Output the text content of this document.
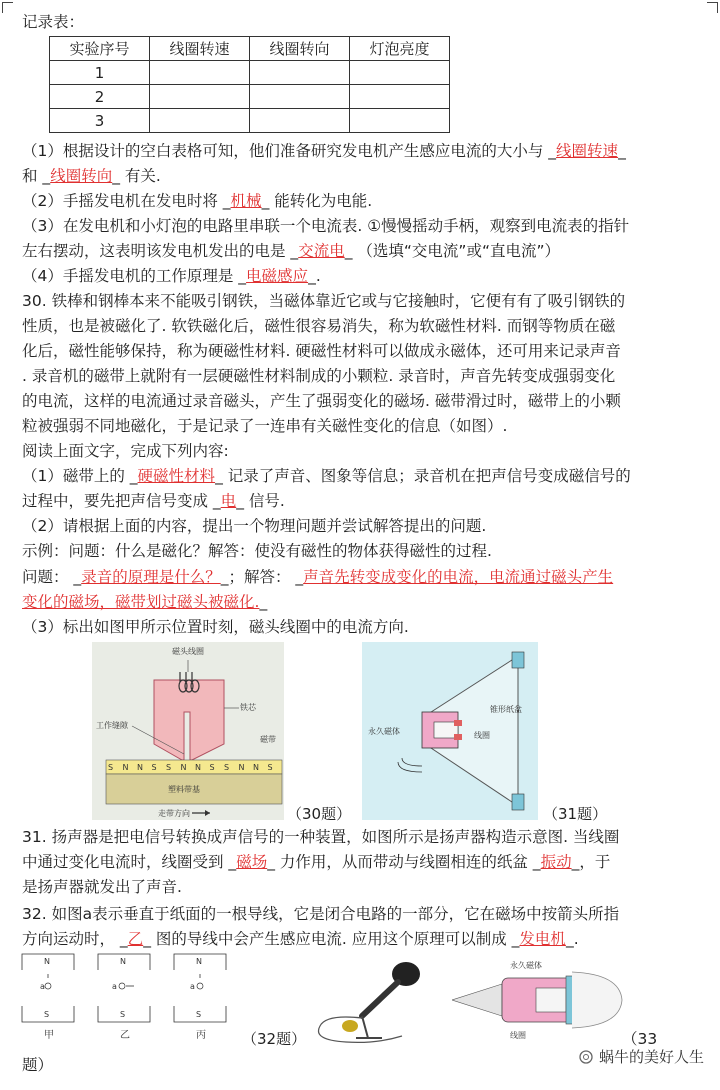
记录表：
实验序号	线圈转速	线圈转向	灯泡亮度
1			
2			
3			
（1）根据设计的空白表格可知，他们准备研究发电机产生感应电流的大小与 _线圈转速_
和 _线圈转向_ 有关.
（2）手摇发电机在发电时将 _机械_ 能转化为电能.
（3）在发电机和小灯泡的电路里串联一个电流表. ①慢慢摇动手柄，观察到电流表的指针
左右摆动，这表明该发电机发出的电是 _交流电_ （选填“交电流”或“直电流”）
（4）手摇发电机的工作原理是 _电磁感应_.
30. 铁棒和钢棒本来不能吸引钢铁，当磁体靠近它或与它接触时，它便有有了吸引钢铁的
性质，也是被磁化了. 软铁磁化后，磁性很容易消失，称为软磁性材料. 而钢等物质在磁
化后，磁性能够保持，称为硬磁性材料. 硬磁性材料可以做成永磁体，还可用来记录声音
. 录音机的磁带上就附有一层硬磁性材料制成的小颗粒. 录音时，声音先转变成强弱变化
的电流，这样的电流通过录音磁头，产生了强弱变化的磁场. 磁带滑过时，磁带上的小颗
粒被强弱不同地磁化，于是记录了一连串有关磁性变化的信息（如图）.
阅读上面文字，完成下列内容:
（1）磁带上的 _硬磁性材料_ 记录了声音、图象等信息；录音机在把声信号变成磁信号的
过程中，要先把声信号变成 _电_ 信号.
（2）请根据上面的内容，提出一个物理问题并尝试解答提出的问题.
示例：问题：什么是磁化？解答：使没有磁性的物体获得磁性的过程.
问题： _录音的原理是什么？_；解答： _声音先转变成变化的电流，电流通过磁头产生
变化的磁场，磁带划过磁头被磁化._
（3）标出如图甲所示位置时刻，磁头线圈中的电流方向.
磁头线圈
铁芯
工作缝隙
磁带
S N N S S N N S S N N S
塑料带基
走带方向	（30题）
锥形纸盆
永久磁体	线圈
（31题）
31. 扬声器是把电信号转换成声信号的一种装置，如图所示是扬声器构造示意图. 当线圈
中通过变化电流时，线圈受到 _磁场_ 力作用，从而带动与线圈相连的纸盆 _振动_，于
是扬声器就发出了声音.
32. 如图a表示垂直于纸面的一根导线，它是闭合电路的一部分，它在磁场中按箭头所指
方向运动时， _乙_ 图的导线中会产生感应电流. 应用这个原理可以制成 _发电机_.
N
a
S
甲
N
a
S
乙
N
a
S
丙 （32题）
永久磁体
线圈	（33
题）	蜗牛的美好人生
